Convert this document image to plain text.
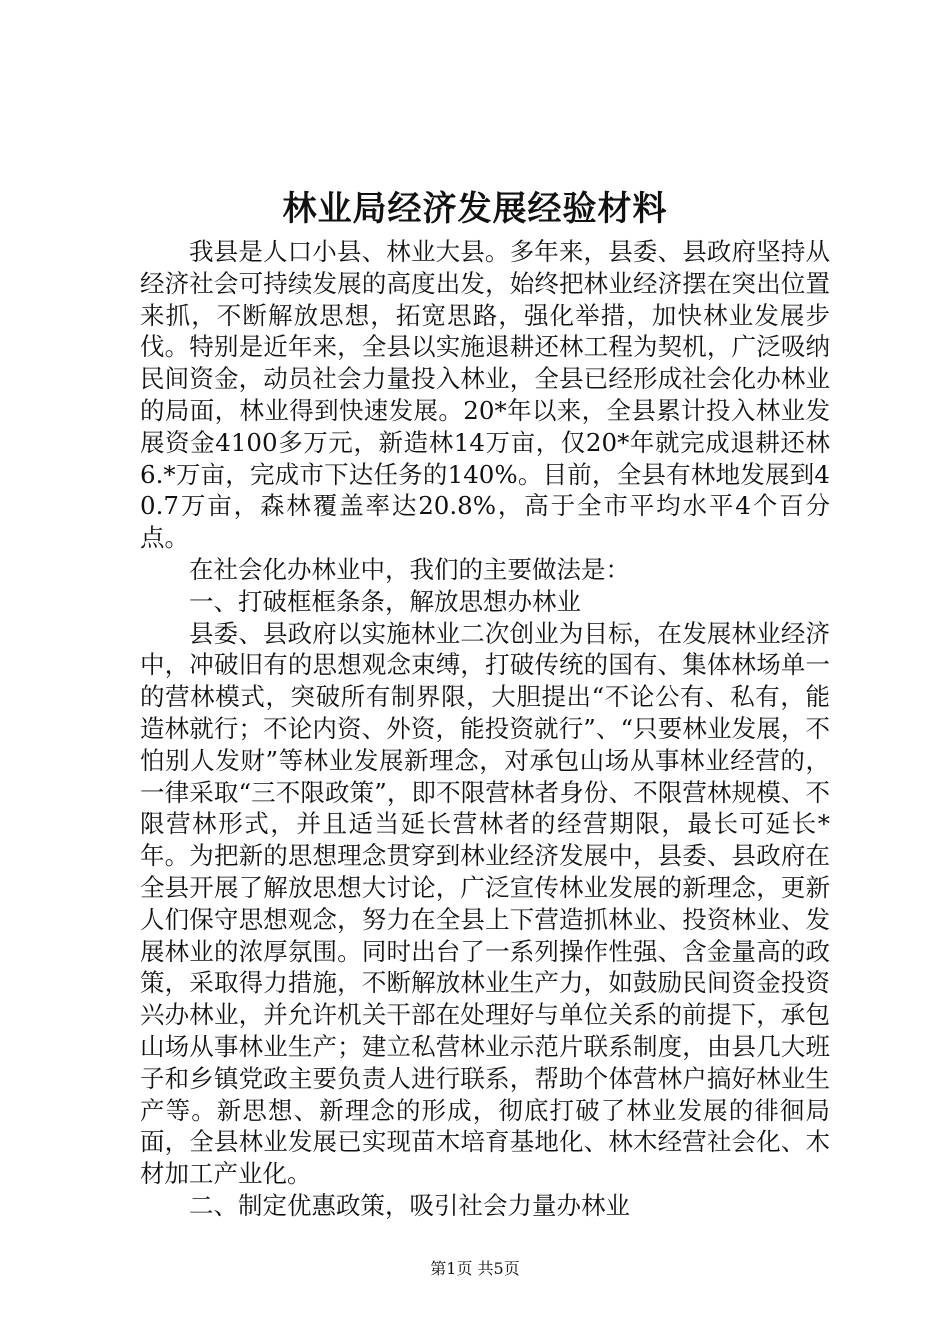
林业局经济发展经验材料

我县是人口小县、林业大县。多年来，县委、县政府坚持从经济社会可持续发展的高度出发，始终把林业经济摆在突出位置来抓，不断解放思想，拓宽思路，强化举措，加快林业发展步伐。特别是近年来，全县以实施退耕还林工程为契机，广泛吸纳民间资金，动员社会力量投入林业，全县已经形成社会化办林业的局面，林业得到快速发展。20*年以来，全县累计投入林业发展资金4100多万元，新造林14万亩，仅20*年就完成退耕还林6.*万亩，完成市下达任务的140%。目前，全县有林地发展到40.7万亩，森林覆盖率达20.8%，高于全市平均水平4个百分点。

在社会化办林业中，我们的主要做法是：

一、打破框框条条，解放思想办林业

县委、县政府以实施林业二次创业为目标，在发展林业经济中，冲破旧有的思想观念束缚，打破传统的国有、集体林场单一的营林模式，突破所有制界限，大胆提出“不论公有、私有，能造林就行；不论内资、外资，能投资就行”、“只要林业发展，不怕别人发财”等林业发展新理念，对承包山场从事林业经营的，一律采取“三不限政策”，即不限营林者身份、不限营林规模、不限营林形式，并且适当延长营林者的经营期限，最长可延长*年。为把新的思想理念贯穿到林业经济发展中，县委、县政府在全县开展了解放思想大讨论，广泛宣传林业发展的新理念，更新人们保守思想观念，努力在全县上下营造抓林业、投资林业、发展林业的浓厚氛围。同时出台了一系列操作性强、含金量高的政策，采取得力措施，不断解放林业生产力，如鼓励民间资金投资兴办林业，并允许机关干部在处理好与单位关系的前提下，承包山场从事林业生产；建立私营林业示范片联系制度，由县几大班子和乡镇党政主要负责人进行联系，帮助个体营林户搞好林业生产等。新思想、新理念的形成，彻底打破了林业发展的徘徊局面，全县林业发展已实现苗木培育基地化、林木经营社会化、木材加工产业化。

二、制定优惠政策，吸引社会力量办林业

第1页 共5页
